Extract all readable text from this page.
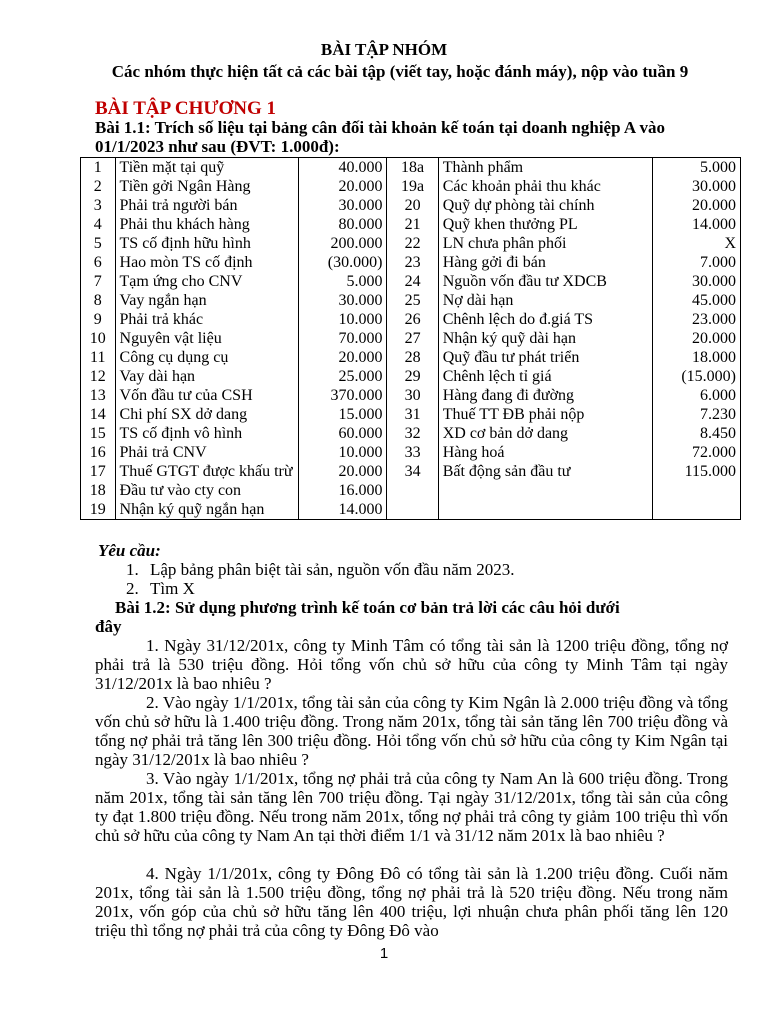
BÀI TẬP NHÓM
Các nhóm thực hiện tất cả các bài tập (viết tay, hoặc đánh máy), nộp vào tuần 9
BÀI TẬP CHƯƠNG 1
Bài 1.1: Trích số liệu tại bảng cân đối tài khoản kế toán tại doanh nghiệp A vào 01/1/2023 như sau (ĐVT: 1.000đ):
1	Tiền mặt tại quỹ	40.000	18a	Thành phẩm	5.000
2	Tiền gởi Ngân Hàng	20.000	19a	Các khoản phải thu khác	30.000
3	Phải trả người bán	30.000	20	Quỹ dự phòng tài chính	20.000
4	Phải thu khách hàng	80.000	21	Quỹ khen thưởng PL	14.000
5	TS cố định hữu hình	200.000	22	LN chưa phân phối	X
6	Hao mòn TS cố định	(30.000)	23	Hàng gởi đi bán	7.000
7	Tạm ứng cho CNV	5.000	24	Nguồn vốn đầu tư XDCB	30.000
8	Vay ngắn hạn	30.000	25	Nợ dài hạn	45.000
9	Phải trả khác	10.000	26	Chênh lệch do đ.giá TS	23.000
10	Nguyên vật liệu	70.000	27	Nhận ký quỹ dài hạn	20.000
11	Công cụ dụng cụ	20.000	28	Quỹ đầu tư phát triển	18.000
12	Vay dài hạn	25.000	29	Chênh lệch tỉ giá	(15.000)
13	Vốn đầu tư của CSH	370.000	30	Hàng đang đi đường	6.000
14	Chi phí SX dở dang	15.000	31	Thuế TT ĐB phải nộp	7.230
15	TS cố định vô hình	60.000	32	XD cơ bản dở dang	8.450
16	Phải trả CNV	10.000	33	Hàng hoá	72.000
17	Thuế GTGT được khấu trừ	20.000	34	Bất động sản đầu tư	115.000
18	Đầu tư vào cty con	16.000			
19	Nhận ký quỹ ngắn hạn	14.000			
Yêu cầu:
1. Lập bảng phân biệt tài sản, nguồn vốn đầu năm 2023.
2. Tìm X
Bài 1.2: Sử dụng phương trình kế toán cơ bản trả lời các câu hỏi dưới
đây
1. Ngày 31/12/201x, công ty Minh Tâm có tổng tài sản là 1200 triệu đồng, tổng nợ phải trả là 530 triệu đồng. Hỏi tổng vốn chủ sở hữu của công ty Minh Tâm tại ngày 31/12/201x là bao nhiêu ?
2. Vào ngày 1/1/201x, tổng tài sản của công ty Kim Ngân là 2.000 triệu đồng và tổng vốn chủ sở hữu là 1.400 triệu đồng. Trong năm 201x, tổng tài sản tăng lên 700 triệu đồng và tổng nợ phải trả tăng lên 300 triệu đồng. Hỏi tổng vốn chủ sở hữu của công ty Kim Ngân tại ngày 31/12/201x là bao nhiêu ?
3. Vào ngày 1/1/201x, tổng nợ phải trả của công ty Nam An là 600 triệu đồng. Trong năm 201x, tổng tài sản tăng lên 700 triệu đồng. Tại ngày 31/12/201x, tổng tài sản của công ty đạt 1.800 triệu đồng. Nếu trong năm 201x, tổng nợ phải trả công ty giảm 100 triệu thì vốn chủ sở hữu của công ty Nam An tại thời điểm 1/1 và 31/12 năm 201x là bao nhiêu ?
4. Ngày 1/1/201x, công ty Đông Đô có tổng tài sản là 1.200 triệu đồng. Cuối năm 201x, tổng tài sản là 1.500 triệu đồng, tổng nợ phải trả là 520 triệu đồng. Nếu trong năm 201x, vốn góp của chủ sở hữu tăng lên 400 triệu, lợi nhuận chưa phân phối tăng lên 120 triệu thì tổng nợ phải trả của công ty Đông Đô vào
1
